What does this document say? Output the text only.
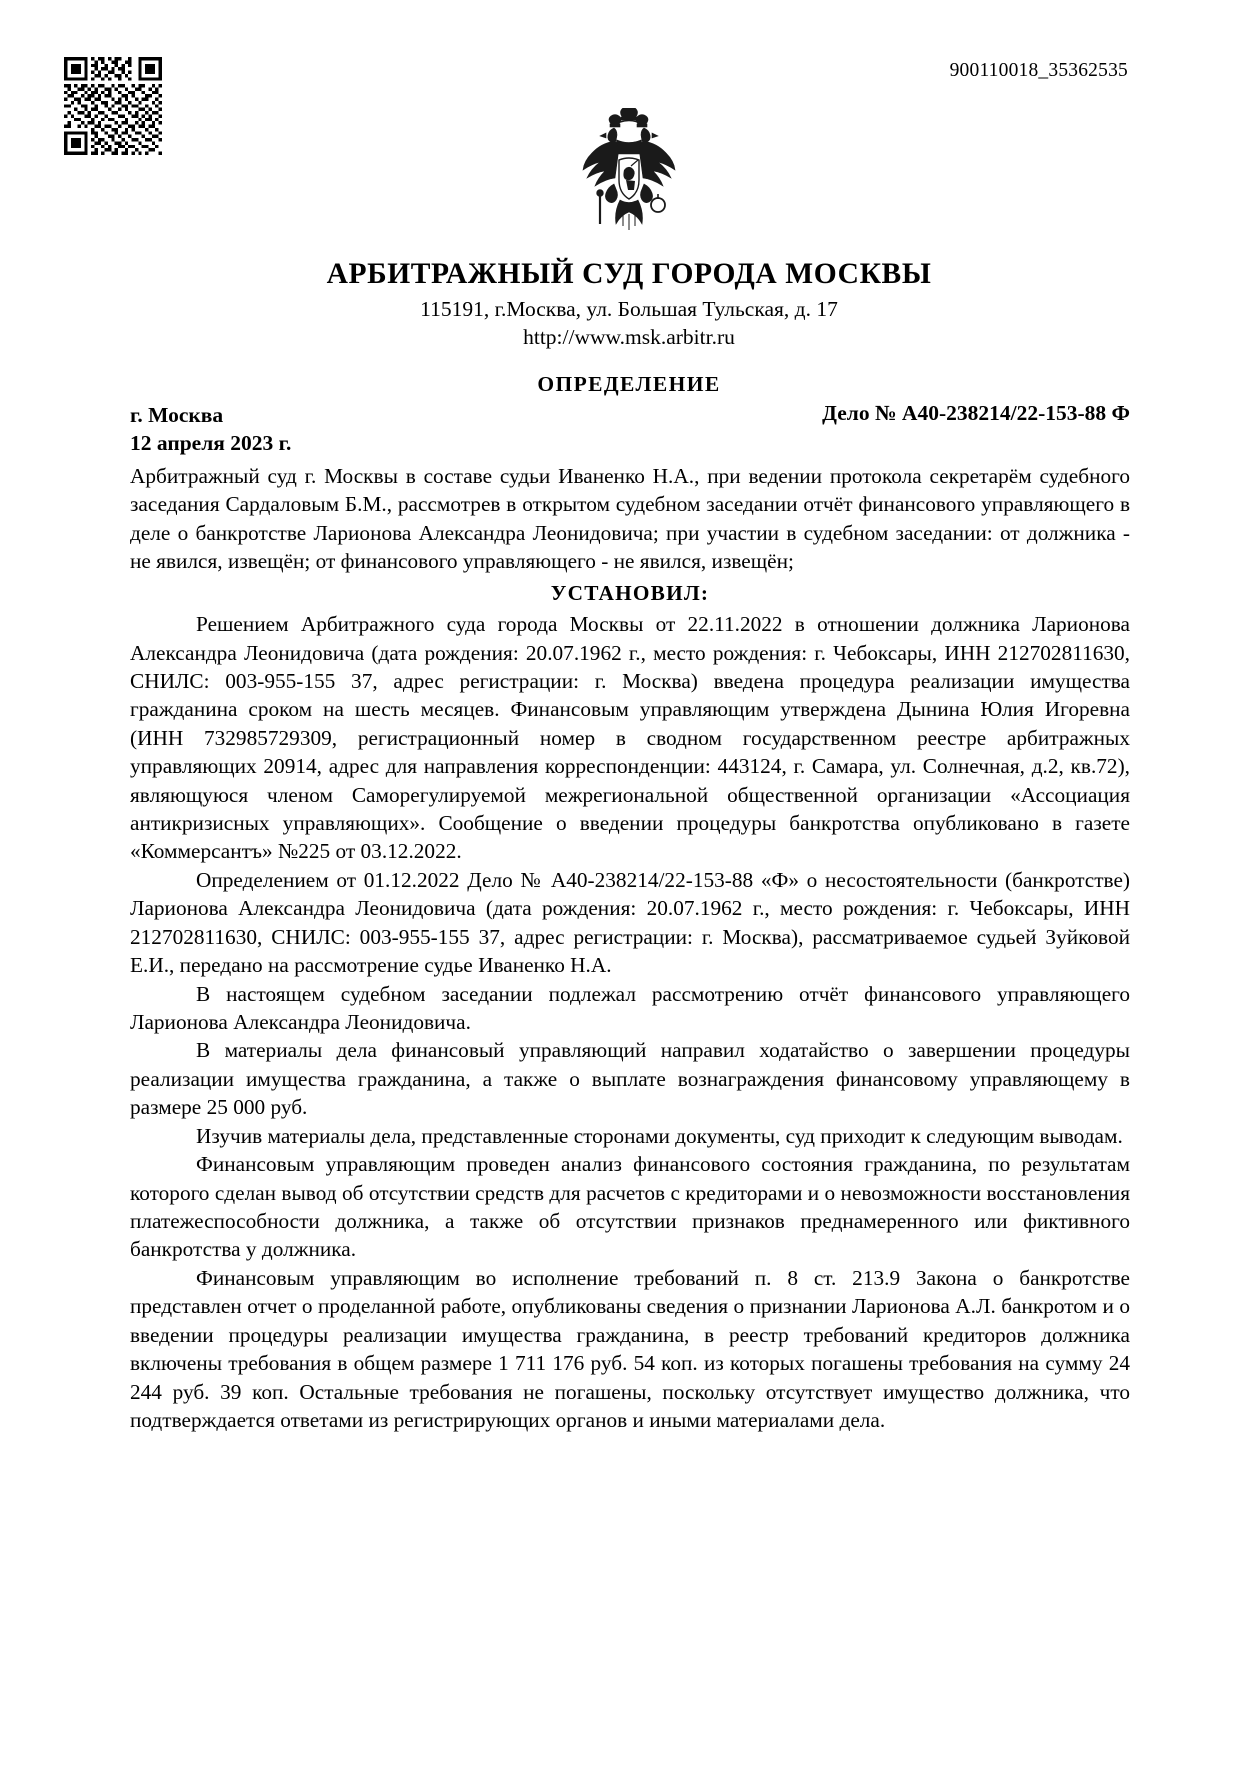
900110018_35362535
АРБИТРАЖНЫЙ СУД ГОРОДА МОСКВЫ
115191, г.Москва, ул. Большая Тульская, д. 17
http://www.msk.arbitr.ru
ОПРЕДЕЛЕНИЕ
г. Москва
12 апреля 2023 г.
Дело № А40-238214/22-153-88 Ф

Арбитражный суд г. Москвы в составе судьи Иваненко Н.А., при ведении протокола секретарём судебного заседания Сардаловым Б.М., рассмотрев в открытом судебном заседании отчёт финансового управляющего в деле о банкротстве Ларионова Александра Леонидовича; при участии в судебном заседании: от должника - не явился, извещён; от финансового управляющего - не явился, извещён;

УСТАНОВИЛ:

Решением Арбитражного суда города Москвы от 22.11.2022 в отношении должника Ларионова Александра Леонидовича (дата рождения: 20.07.1962 г., место рождения: г. Чебоксары, ИНН 212702811630, СНИЛС: 003-955-155 37, адрес регистрации: г. Москва) введена процедура реализации имущества гражданина сроком на шесть месяцев. Финансовым управляющим утверждена Дынина Юлия Игоревна (ИНН 732985729309, регистрационный номер в сводном государственном реестре арбитражных управляющих 20914, адрес для направления корреспонденции: 443124, г. Самара, ул. Солнечная, д.2, кв.72), являющуюся членом Саморегулируемой межрегиональной общественной организации «Ассоциация антикризисных управляющих». Сообщение о введении процедуры банкротства опубликовано в газете «Коммерсантъ» №225 от 03.12.2022.

Определением от 01.12.2022 Дело № А40-238214/22-153-88 «Ф» о несостоятельности (банкротстве) Ларионова Александра Леонидовича (дата рождения: 20.07.1962 г., место рождения: г. Чебоксары, ИНН 212702811630, СНИЛС: 003-955-155 37, адрес регистрации: г. Москва), рассматриваемое судьей Зуйковой Е.И., передано на рассмотрение судье Иваненко Н.А.

В настоящем судебном заседании подлежал рассмотрению отчёт финансового управляющего Ларионова Александра Леонидовича.

В материалы дела финансовый управляющий направил ходатайство о завершении процедуры реализации имущества гражданина, а также о выплате вознаграждения финансовому управляющему в размере 25 000 руб.

Изучив материалы дела, представленные сторонами документы, суд приходит к следующим выводам.

Финансовым управляющим проведен анализ финансового состояния гражданина, по результатам которого сделан вывод об отсутствии средств для расчетов с кредиторами и о невозможности восстановления платежеспособности должника, а также об отсутствии признаков преднамеренного или фиктивного банкротства у должника.

Финансовым управляющим во исполнение требований п. 8 ст. 213.9 Закона о банкротстве представлен отчет о проделанной работе, опубликованы сведения о признании Ларионова А.Л. банкротом и о введении процедуры реализации имущества гражданина, в реестр требований кредиторов должника включены требования в общем размере 1 711 176 руб. 54 коп. из которых погашены требования на сумму 24 244 руб. 39 коп. Остальные требования не погашены, поскольку отсутствует имущество должника, что подтверждается ответами из регистрирующих органов и иными материалами дела.
